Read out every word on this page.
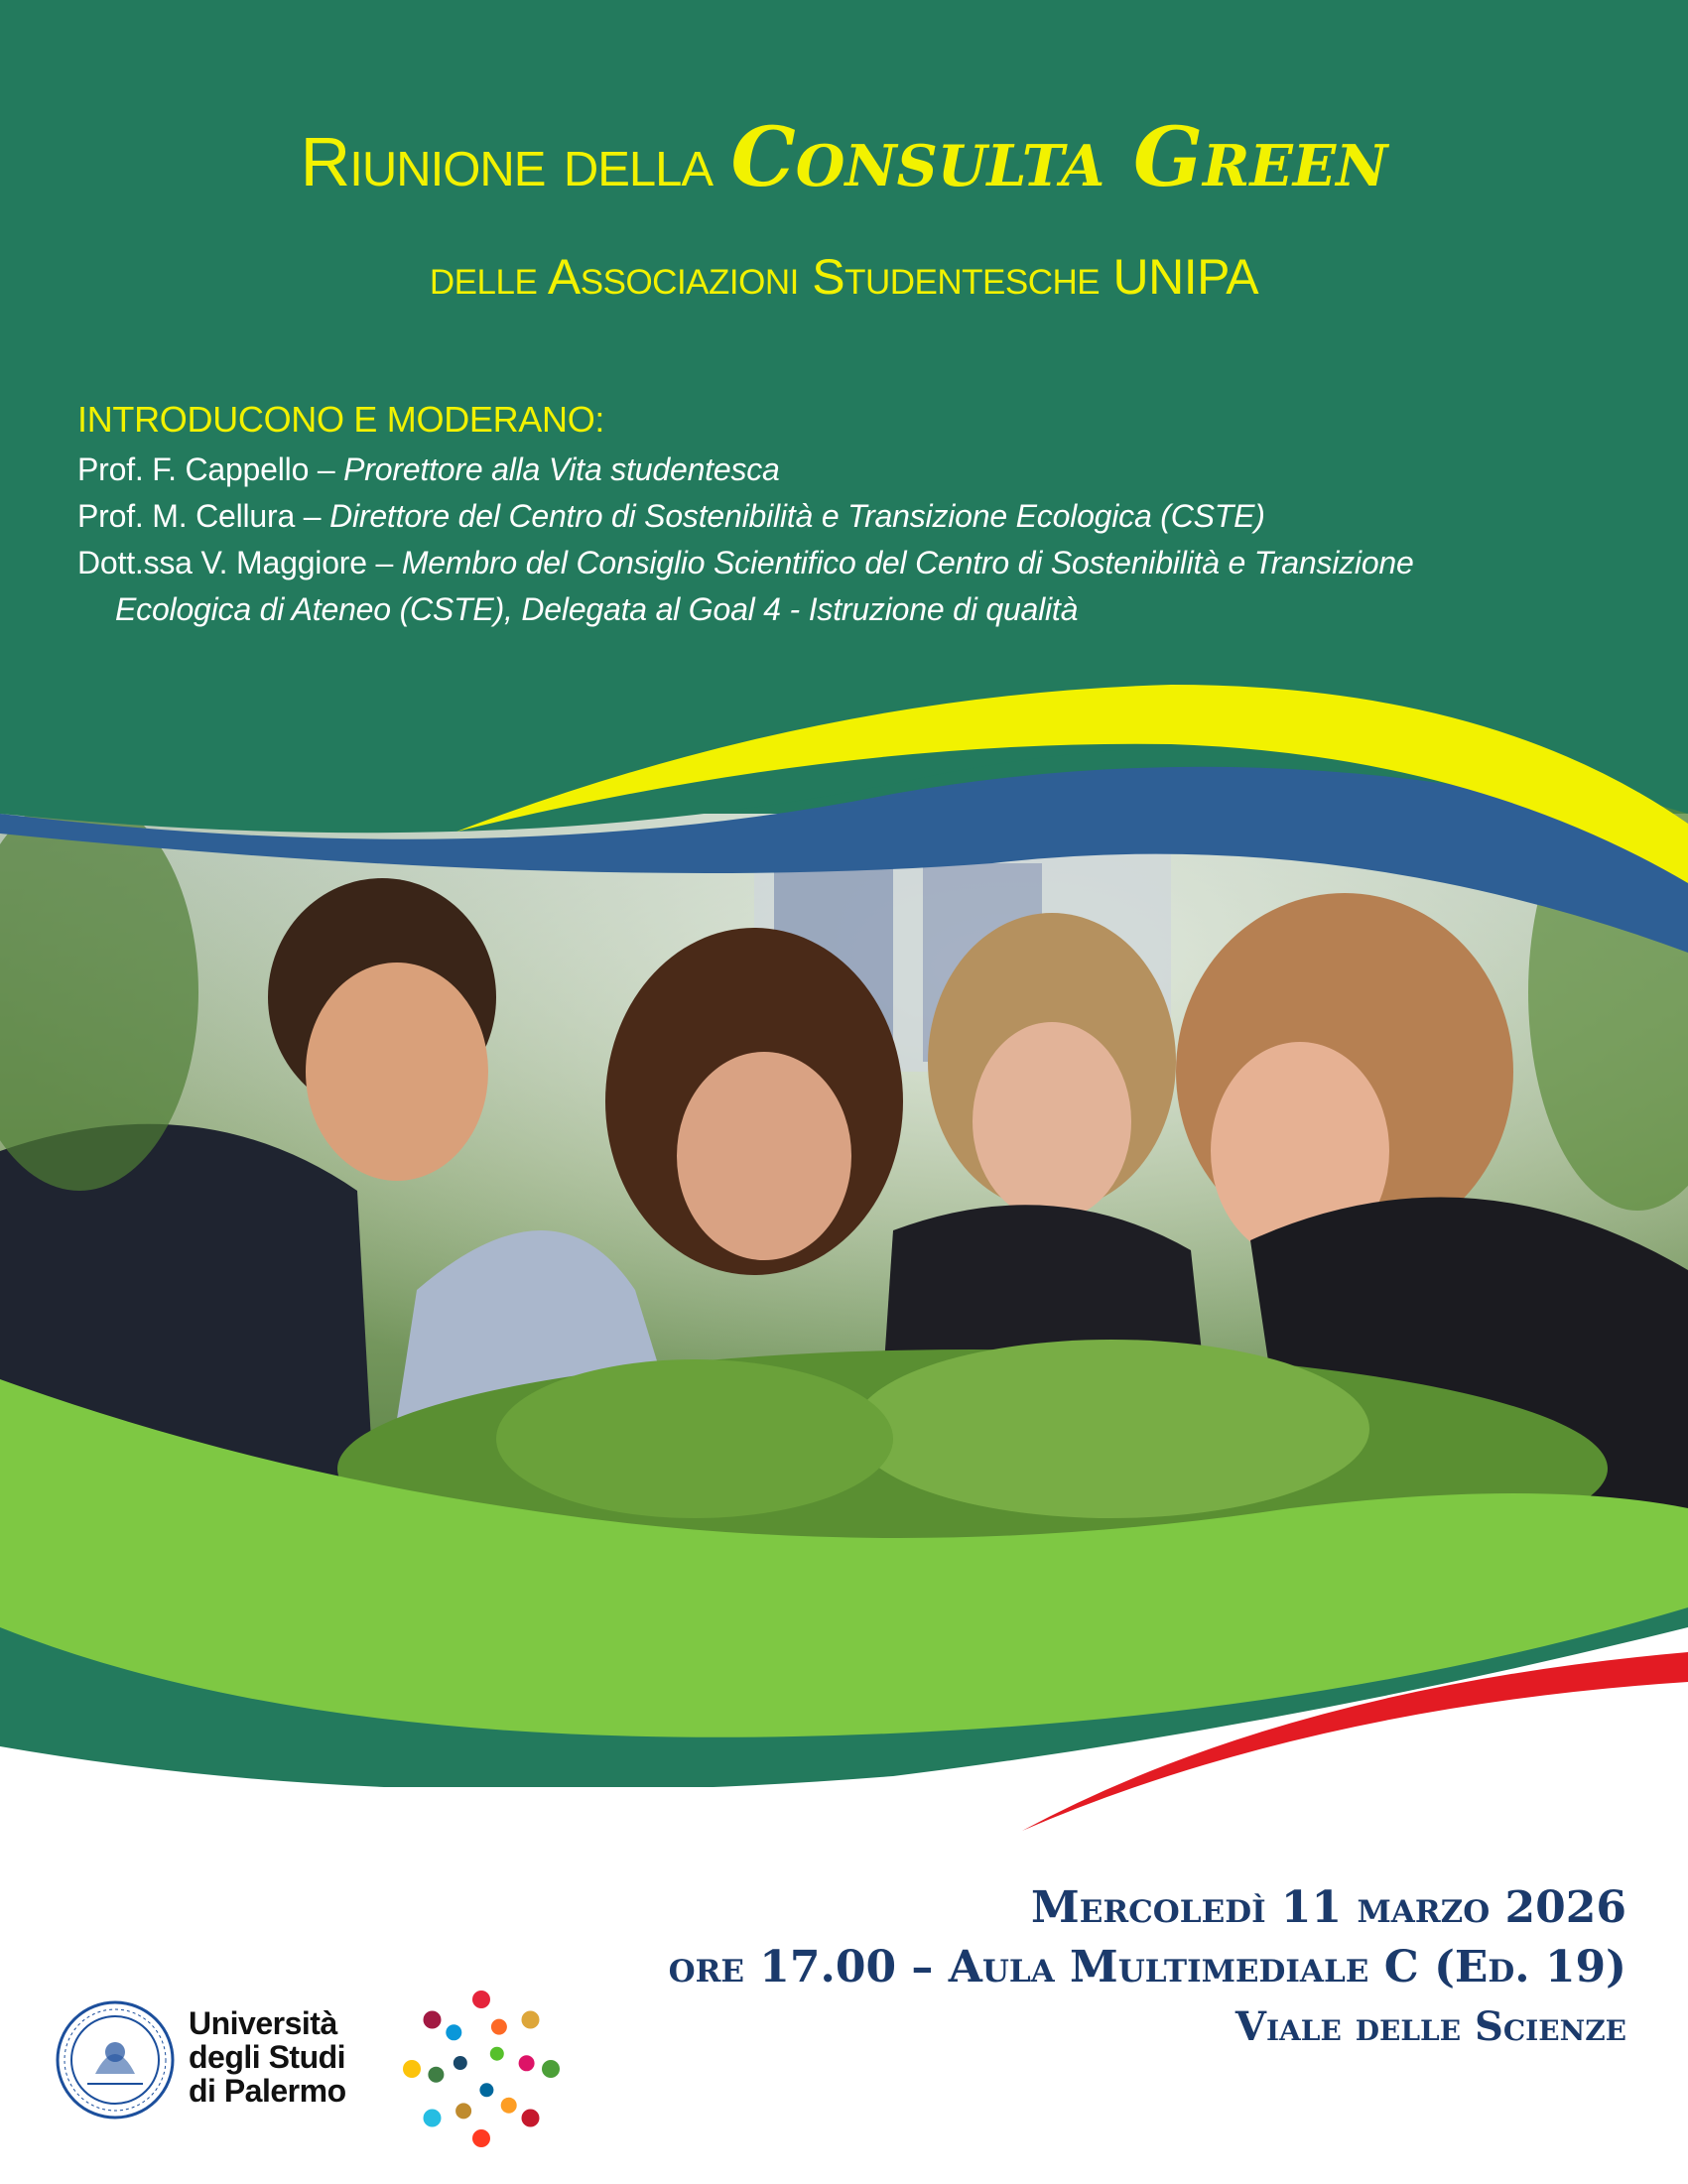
Riunione della Consulta Green
delle Associazioni Studentesche UNIPA
INTRODUCONO E MODERANO:
Prof. F. Cappello – Prorettore alla Vita studentesca
Prof. M. Cellura – Direttore del Centro di Sostenibilità e Transizione Ecologica (CSTE)
Dott.ssa V. Maggiore – Membro del Consiglio Scientifico del Centro di Sostenibilità e Transizione
Ecologica di Ateneo (CSTE), Delegata al Goal 4 - Istruzione di qualità
Mercoledì 11 marzo 2026
ore 17.00 – Aula Multimediale C (Ed. 19)
Viale delle Scienze
Università
degli Studi
di Palermo
